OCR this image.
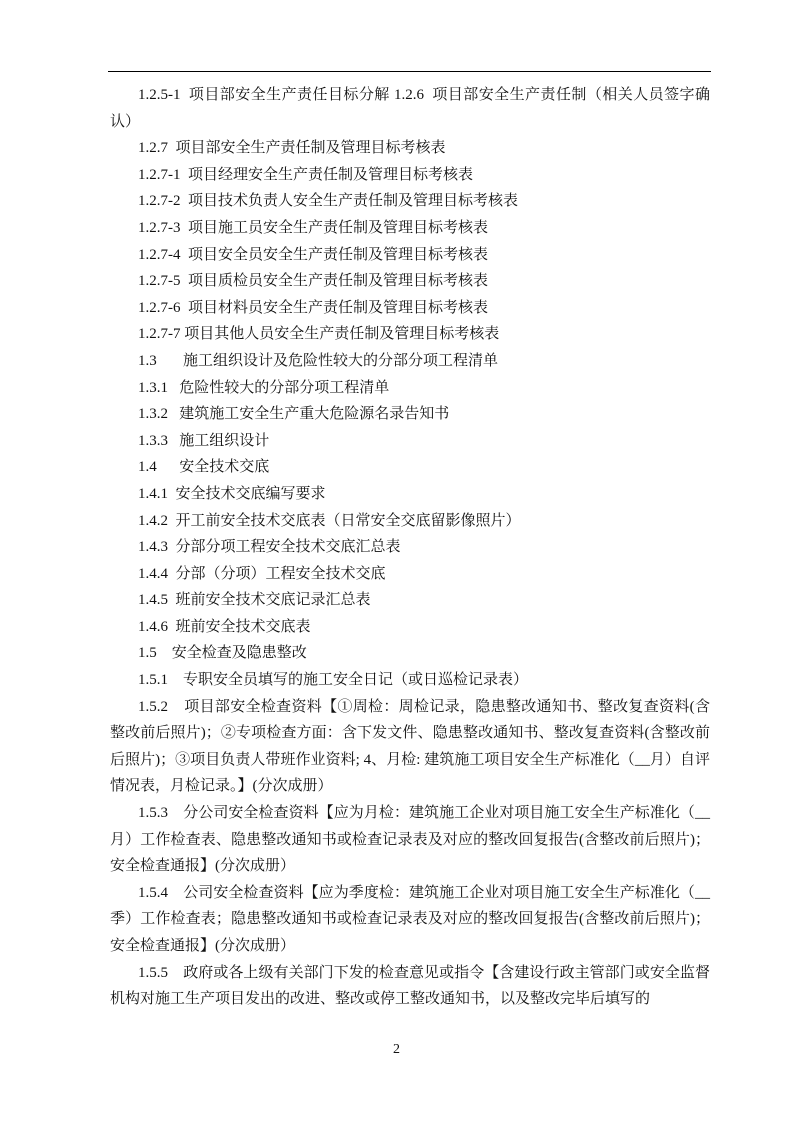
1.2.5-1  项目部安全生产责任目标分解 1.2.6  项目部安全生产责任制（相关人员签字确认）

1.2.7  项目部安全生产责任制及管理目标考核表

1.2.7-1  项目经理安全生产责任制及管理目标考核表

1.2.7-2  项目技术负责人安全生产责任制及管理目标考核表

1.2.7-3  项目施工员安全生产责任制及管理目标考核表

1.2.7-4  项目安全员安全生产责任制及管理目标考核表

1.2.7-5  项目质检员安全生产责任制及管理目标考核表

1.2.7-6  项目材料员安全生产责任制及管理目标考核表

1.2.7-7 项目其他人员安全生产责任制及管理目标考核表

1.3       施工组织设计及危险性较大的分部分项工程清单

1.3.1   危险性较大的分部分项工程清单

1.3.2   建筑施工安全生产重大危险源名录告知书

1.3.3   施工组织设计

1.4      安全技术交底

1.4.1  安全技术交底编写要求

1.4.2  开工前安全技术交底表（日常安全交底留影像照片）

1.4.3  分部分项工程安全技术交底汇总表

1.4.4  分部（分项）工程安全技术交底

1.4.5  班前安全技术交底记录汇总表

1.4.6  班前安全技术交底表

1.5    安全检查及隐患整改

1.5.1    专职安全员填写的施工安全日记（或日巡检记录表）

1.5.2    项目部安全检查资料【①周检：周检记录，隐患整改通知书、整改复查资料(含整改前后照片)；②专项检查方面：含下发文件、隐患整改通知书、整改复查资料(含整改前后照片)；③项目负责人带班作业资料; 4、月检: 建筑施工项目安全生产标准化（__月）自评情况表，月检记录。】(分次成册）

1.5.3    分公司安全检查资料【应为月检：建筑施工企业对项目施工安全生产标准化（__月）工作检查表、隐患整改通知书或检查记录表及对应的整改回复报告(含整改前后照片)；安全检查通报】(分次成册）

1.5.4    公司安全检查资料【应为季度检：建筑施工企业对项目施工安全生产标准化（__季）工作检查表；隐患整改通知书或检查记录表及对应的整改回复报告(含整改前后照片)；安全检查通报】(分次成册）

1.5.5    政府或各上级有关部门下发的检查意见或指令【含建设行政主管部门或安全监督机构对施工生产项目发出的改进、整改或停工整改通知书，以及整改完毕后填写的

2
